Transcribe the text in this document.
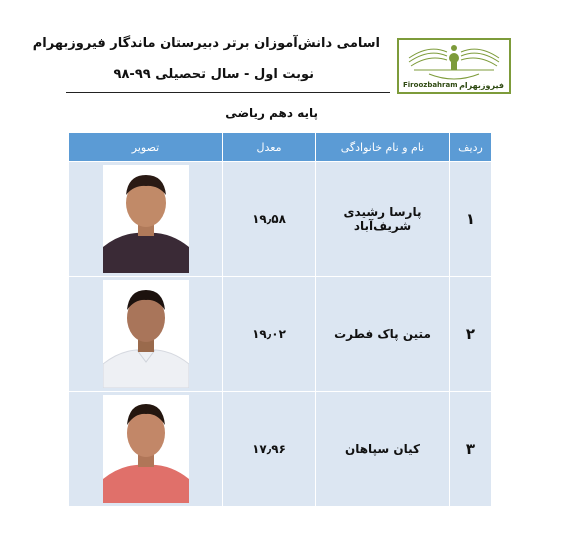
Firoozbahram فیروزبهرام
اسامی دانش‌آموزان برتر دبیرستان ماندگار فیروزبهرام
نوبت اول - سال تحصیلی ۹۹-۹۸
پایه دهم ریاضی
تصویر	معدل	نام و نام خانوادگی	ردیف

	۱۹٫۵۸	پارسا رشیدی شریف‌آباد	۱

	۱۹٫۰۲	متین پاک فطرت	۲

	۱۷٫۹۶	کیان سپاهان	۳
